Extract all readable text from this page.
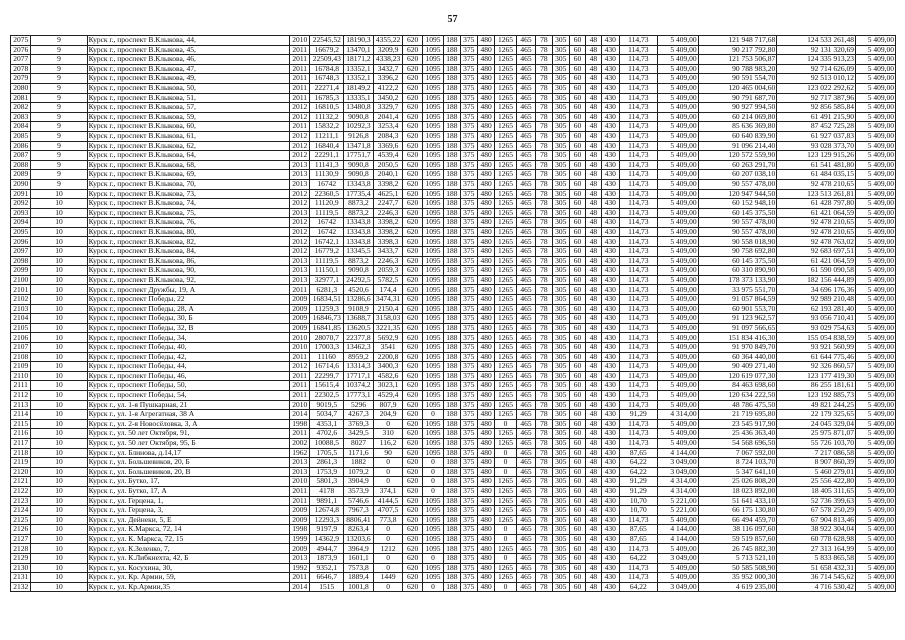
57
2075	9	Курск г., проспект В.Клыкова, 44,	2010	22545,52	18190,3	4355,22	620	1095	188	375	480	1265	465	78	305	60	48	430	114,73	5 409,00	121 948 717,68	124 533 261,48	5 409,00
2076	9	Курск г., проспект В.Клыкова, 45,	2011	16679,2	13470,1	3209,9	620	1095	188	375	480	1265	465	78	305	60	48	430	114,73	5 409,00	90 217 792,80	92 131 320,69	5 409,00
2077	9	Курск г., проспект В.Клыкова, 46,	2011	22509,43	18171,2	4338,23	620	1095	188	375	480	1265	465	78	305	60	48	430	114,73	5 409,00	121 753 506,87	124 335 913,23	5 409,00
2078	9	Курск г., проспект В.Клыкова, 47,	2011	16784,8	13352,1	3432,7	620	1095	188	375	480	1265	465	78	305	60	48	430	114,73	5 409,00	90 788 983,20	92 714 626,09	5 409,00
2079	9	Курск г., проспект В.Клыкова, 49,	2011	16748,3	13352,1	3396,2	620	1095	188	375	480	1265	465	78	305	60	48	430	114,73	5 409,00	90 591 554,70	92 513 010,12	5 409,00
2080	9	Курск г., проспект В.Клыкова, 50,	2011	22271,4	18149,2	4122,2	620	1095	188	375	480	1265	465	78	305	60	48	430	114,73	5 409,00	120 465 004,60	123 022 292,62	5 409,00
2081	9	Курск г., проспект В.Клыкова, 51,	2011	16785,3	13335,1	3450,2	620	1095	188	375	480	1265	465	78	305	60	48	430	114,73	5 409,00	90 791 687,70	92 717 387,96	5 409,00
2082	9	Курск г., проспект В.Клыкова, 57,	2012	16810,5	13480,8	3329,7	620	1095	188	375	480	1265	465	78	305	60	48	430	114,73	5 409,00	90 927 994,50	92 856 585,84	5 409,00
2083	9	Курск г., проспект В.Клыкова, 59,	2012	11132,2	9090,8	2041,4	620	1095	188	375	480	1265	465	78	305	60	48	430	114,73	5 409,00	60 214 069,80	61 491 215,90	5 409,00
2084	9	Курск г., проспект В.Клыкова, 60,	2011	15832,2	10292,3	3253,4	620	1095	188	375	480	1265	465	78	305	60	48	430	114,73	5 409,00	85 636 369,80	87 452 725,28	5 409,00
2085	9	Курск г., проспект В.Клыкова, 61,	2012	11211,1	9126,8	2084,3	620	1095	188	375	480	1265	465	78	305	60	48	430	114,73	5 409,00	60 640 839,90	61 927 037,83	5 409,00
2086	9	Курск г., проспект В.Клыкова, 62,	2012	16840,4	13471,8	3369,6	620	1095	188	375	480	1265	465	78	305	60	48	430	114,73	5 409,00	91 096 214,40	93 028 373,70	5 409,00
2087	9	Курск г., проспект В.Клыкова, 64,	2012	22291,1	17751,7	4539,4	620	1095	188	375	480	1265	465	78	305	60	48	430	114,73	5 409,00	120 572 559,90	123 129 915,26	5 409,00
2088	9	Курск г., проспект В.Клыкова, 68,	2013	11141,3	9090,8	2050,5	620	1095	188	375	480	1265	465	78	305	60	48	430	114,73	5 409,00	60 263 291,70	61 541 481,80	5 409,00
2089	9	Курск г., проспект В.Клыкова, 69,	2013	11130,9	9090,8	2040,1	620	1095	188	375	480	1265	465	78	305	60	48	430	114,73	5 409,00	60 207 038,10	61 484 035,15	5 409,00
2090	9	Курск г., проспект В.Клыкова, 70,	2013	16742	13343,8	3398,2	620	1095	188	375	480	1265	465	78	305	60	48	430	114,73	5 409,00	90 557 478,00	92 478 210,65	5 409,00
2091	10	Курск г., проспект В.Клыкова, 73,	2012	22360,5	17735,4	4625,1	620	1095	188	375	480	1265	465	78	305	60	48	430	114,73	5 409,00	120 947 944,50	123 513 261,81	5 409,00
2092	10	Курск г., проспект В.Клыкова, 74,	2012	11120,9	8873,2	2247,7	620	1095	188	375	480	1265	465	78	305	60	48	430	114,73	5 409,00	60 152 948,10	61 428 797,80	5 409,00
2093	10	Курск г., проспект В.Клыкова, 75,	2013	11119,5	8873,2	2246,3	620	1095	188	375	480	1265	465	78	305	60	48	430	114,73	5 409,00	60 145 375,50	61 421 064,59	5 409,00
2094	10	Курск г., проспект В.Клыкова, 76,	2012	16742	13343,8	3398,2	620	1095	188	375	480	1265	465	78	305	60	48	430	114,73	5 409,00	90 557 478,00	92 478 210,65	5 409,00
2095	10	Курск г., проспект В.Клыкова, 80,	2012	16742	13343,8	3398,2	620	1095	188	375	480	1265	465	78	305	60	48	430	114,73	5 409,00	90 557 478,00	92 478 210,65	5 409,00
2096	10	Курск г., проспект В.Клыкова, 82,	2012	16742,1	13343,8	3398,3	620	1095	188	375	480	1265	465	78	305	60	48	430	114,73	5 409,00	90 558 018,90	92 478 763,02	5 409,00
2097	10	Курск г., проспект В.Клыкова, 84,	2012	16779,2	13345,5	3433,7	620	1095	188	375	480	1265	465	78	305	60	48	430	114,73	5 409,00	90 758 692,80	92 683 697,51	5 409,00
2098	10	Курск г., проспект В.Клыкова, 86,	2013	11119,5	8873,2	2246,3	620	1095	188	375	480	1265	465	78	305	60	48	430	114,73	5 409,00	60 145 375,50	61 421 064,59	5 409,00
2099	10	Курск г., проспект В.Клыкова, 90,	2013	11150,1	9090,8	2059,3	620	1095	188	375	480	1265	465	78	305	60	48	430	114,73	5 409,00	60 310 890,90	61 590 090,58	5 409,00
2100	10	Курск г., проспект В.Клыкова, 92,	2013	32977,1	24292,5	5782,5	620	1095	188	375	480	1265	465	78	305	60	48	430	114,73	5 409,00	178 373 133,90	182 156 444,89	5 409,00
2101	10	Курск г., проспект Дружбы, 19, А	2011	6281,3	4520,6	174,4	620	1095	188	375	480	1265	465	78	305	60	48	430	114,73	5 409,00	33 975 551,70	34 696 176,36	5 409,00
2102	10	Курск г., проспект Победы, 22	2009	16834,51	13286,6	3474,31	620	1095	188	375	480	1265	465	78	305	60	48	430	114,73	5 409,00	91 057 864,59	92 989 210,48	5 409,00
2103	10	Курск г., проспект Победы, 28, А	2009	11259,3	9108,9	2150,4	620	1095	188	375	480	1265	465	78	305	60	48	430	114,73	5 409,00	60 901 553,70	62 193 281,40	5 409,00
2104	10	Курск г., проспект Победы, 30, Б	2009	16846,73	13688,7	3158,03	620	1095	188	375	480	1265	465	78	305	60	48	430	114,73	5 409,00	91 123 962,57	93 056 710,41	5 409,00
2105	10	Курск г., проспект Победы, 32, В	2009	16841,85	13620,5	3221,35	620	1095	188	375	480	1265	465	78	305	60	48	430	114,73	5 409,00	91 097 566,65	93 029 754,63	5 409,00
2106	10	Курск г., проспект Победы, 34,	2010	28070,7	22377,8	5692,9	620	1095	188	375	480	1265	465	78	305	60	48	430	114,73	5 409,00	151 834 416,30	155 054 838,59	5 409,00
2107	10	Курск г., проспект Победы, 40,	2010	17003,3	13462,3	3541	620	1095	188	375	480	1265	465	78	305	60	48	430	114,73	5 409,00	91 970 849,70	93 921 560,99	5 409,00
2108	10	Курск г., проспект Победы, 42,	2011	11160	8959,2	2200,8	620	1095	188	375	480	1265	465	78	305	60	48	430	114,73	5 409,00	60 364 440,00	61 644 775,46	5 409,00
2109	10	Курск г., проспект Победы, 44,	2012	16714,6	13314,3	3400,3	620	1095	188	375	480	1265	465	78	305	60	48	430	114,73	5 409,00	90 409 271,40	92 326 860,57	5 409,00
2110	10	Курск г., проспект Победы, 46,	2011	22299,7	17717,1	4582,6	620	1095	188	375	480	1265	465	78	305	60	48	430	114,73	5 409,00	120 619 077,30	123 177 419,30	5 409,00
2111	10	Курск г., проспект Победы, 50,	2011	15615,4	10374,2	3023,1	620	1095	188	375	480	1265	465	78	305	60	48	430	114,73	5 409,00	84 463 698,60	86 255 181,61	5 409,00
2112	10	Курск г., проспект Победы, 54,	2011	22302,5	17773,1	4529,4	620	1095	188	375	480	1265	465	78	305	60	48	430	114,73	5 409,00	120 634 222,50	123 192 885,73	5 409,00
2113	10	Курск г., ул. 1-я Пушкарная, 21	2010	9019,5	5296	807,9	620	1095	188	375	480	1265	465	78	305	60	48	430	114,73	5 409,00	48 786 475,50	49 821 244,25	5 409,00
2114	10	Курск г., ул. 1-я Агрегатная, 38 А	2014	5034,7	4267,3	204,9	620	0	188	375	480	1265	465	78	305	60	48	430	91,29	4 314,00	21 719 695,80	22 179 325,65	5 409,00
2115	10	Курск г., ул. 2-я Новосёловка, 3, А	1998	4353,1	3769,3	0	620	1095	188	375	480	0	465	78	305	60	48	430	114,73	5 409,00	23 545 917,90	24 045 329,04	5 409,00
2116	10	Курск г., ул. 50 лет Октября, 91,	2011	4702,6	3429,5	310	620	1095	188	375	480	1265	465	78	305	60	48	430	114,73	5 409,00	25 436 363,40	25 975 871,07	5 409,00
2117	10	Курск г., ул. 50 лет Октября, 95, Б	2002	10088,5	8027	116,2	620	1095	188	375	480	1265	465	78	305	60	48	430	114,73	5 409,00	54 568 696,50	55 726 103,70	5 409,00
2118	10	Курск г., ул. Блинова, д.14,17	1962	1705,5	1171,6	90	620	1095	188	375	480	0	465	78	305	60	48	430	87,65	4 144,00	7 067 592,00	7 217 086,58	5 409,00
2119	10	Курск г., ул. Большевиков, 20, Б	2013	2861,3	1882	0	620	0	188	375	480	0	465	78	305	60	48	430	64,22	3 049,00	8 724 103,70	8 907 860,39	5 409,00
2120	10	Курск г., ул. Большевиков, 20, В	2013	1753,9	1079,2	0	620	0	188	375	480	0	465	78	305	60	48	430	64,22	3 049,00	5 347 641,10	5 460 279,01	5 409,00
2121	10	Курск г., ул. Бутко, 17,	2010	5801,3	3904,9	0	620	0	188	375	480	1265	465	78	305	60	48	430	91,29	4 314,00	25 026 808,20	25 556 422,80	5 409,00
2122	10	Курск г., ул. Бутко, 17, А	2011	4178	3573,9	374,1	620	0	188	375	480	1265	465	78	305	60	48	430	91,29	4 314,00	18 023 892,00	18 405 311,65	5 409,00
2123	10	Курск г., ул. Герцена, 1,	2011	9891,1	5746,6	4144,5	620	1095	188	375	480	1265	465	78	305	60	48	430	10,70	5 221,00	51 641 433,10	52 736 399,63	5 409,00
2124	10	Курск г., ул. Герцена, 3,	2009	12674,8	7967,3	4707,5	620	1095	188	375	480	1265	465	78	305	60	48	430	10,70	5 221,00	66 175 130,80	67 578 250,29	5 409,00
2125	10	Курск г., ул. Дейнеки, 5, Е	2009	12293,3	8806,41	773,8	620	1095	188	375	480	1265	465	78	305	60	48	430	114,73	5 409,00	66 494 459,70	67 904 813,46	5 409,00
2126	10	Курск г., ул. К.Маркса, 72, 14	1998	9197,9	8263,4	0	620	1095	188	375	480	0	465	78	305	60	48	430	87,65	4 144,00	38 116 097,60	38 922 304,04	5 409,00
2127	10	Курск г., ул. К. Маркса, 72, 15	1999	14362,9	13203,6	0	620	1095	188	375	480	0	465	78	305	60	48	430	87,65	4 144,00	59 519 857,60	60 778 628,98	5 409,00
2128	10	Курск г., ул. К.Зеленко, 7,	2009	4944,7	3964,9	1212	620	1095	188	375	480	1265	465	78	305	60	48	430	114,73	5 409,00	26 745 882,30	27 313 164,99	5 409,00
2129	10	Курск г., ул. К.Либкнехта, 42, Б	2013	1873,9	1601,1	0	620	0	188	375	480	0	465	78	305	60	48	430	64,22	3 049,00	5 713 521,10	5 833 865,58	5 409,00
2130	10	Курск г., ул. Косухина, 30,	1992	9352,1	7573,8	0	620	1095	188	375	480	1265	465	78	305	60	48	430	114,73	5 409,00	50 585 508,90	51 658 432,31	5 409,00
2131	10	Курск г., ул. Кр. Армии, 59,	2011	6646,7	1889,4	1449	620	1095	188	375	480	1265	465	78	305	60	48	430	114,73	5 409,00	35 952 000,30	36 714 545,62	5 409,00
2132	10	Курск г., ул. Кр.Армии,35	2014	1515	1001,8	0	620	0	188	375	480	0	465	78	305	60	48	430	64,22	3 049,00	4 619 235,00	4 716 530,42	5 409,00
